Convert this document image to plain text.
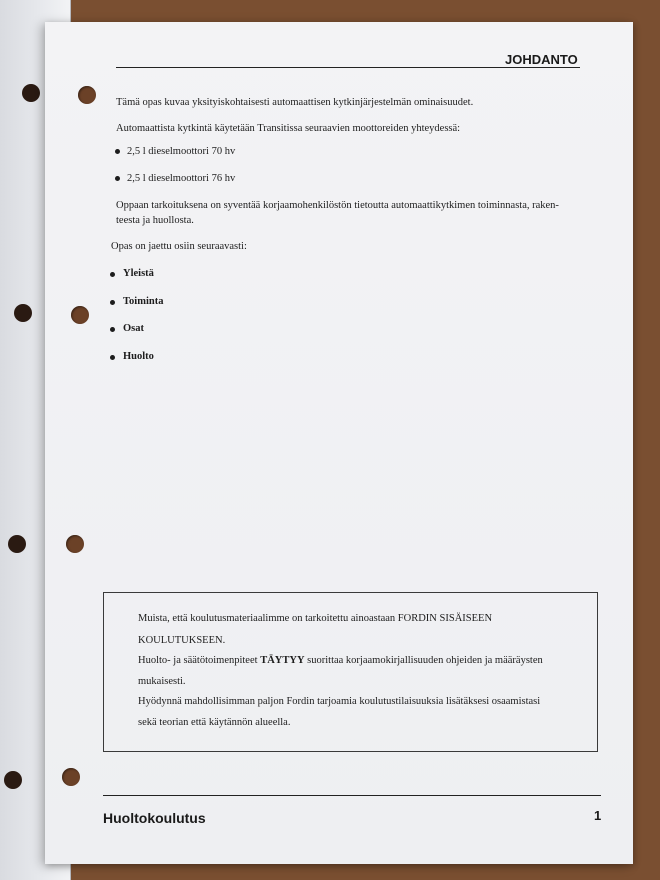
JOHDANTO
Tämä opas kuvaa yksityiskohtaisesti automaattisen kytkinjärjestelmän ominaisuudet.
Automaattista kytkintä käytetään Transitissa seuraavien moottoreiden yhteydessä:
2,5 l dieselmoottori 70 hv
2,5 l dieselmoottori 76 hv
Oppaan tarkoituksena on syventää korjaamohenkilöstön tietoutta automaattikytkimen toiminnasta, raken-
teesta ja huollosta.
Opas on jaettu osiin seuraavasti:
Yleistä
Toiminta
Osat
Huolto
Muista, että koulutusmateriaalimme on tarkoitettu ainoastaan FORDIN SISÄISEEN
KOULUTUKSEEN.
Huolto- ja säätötoimenpiteet TÄYTYY suorittaa korjaamokirjallisuuden ohjeiden ja määräysten
mukaisesti.
Hyödynnä mahdollisimman paljon Fordin tarjoamia koulutustilaisuuksia lisätäksesi osaamistasi
sekä teorian että käytännön alueella.
Huoltokoulutus	1
